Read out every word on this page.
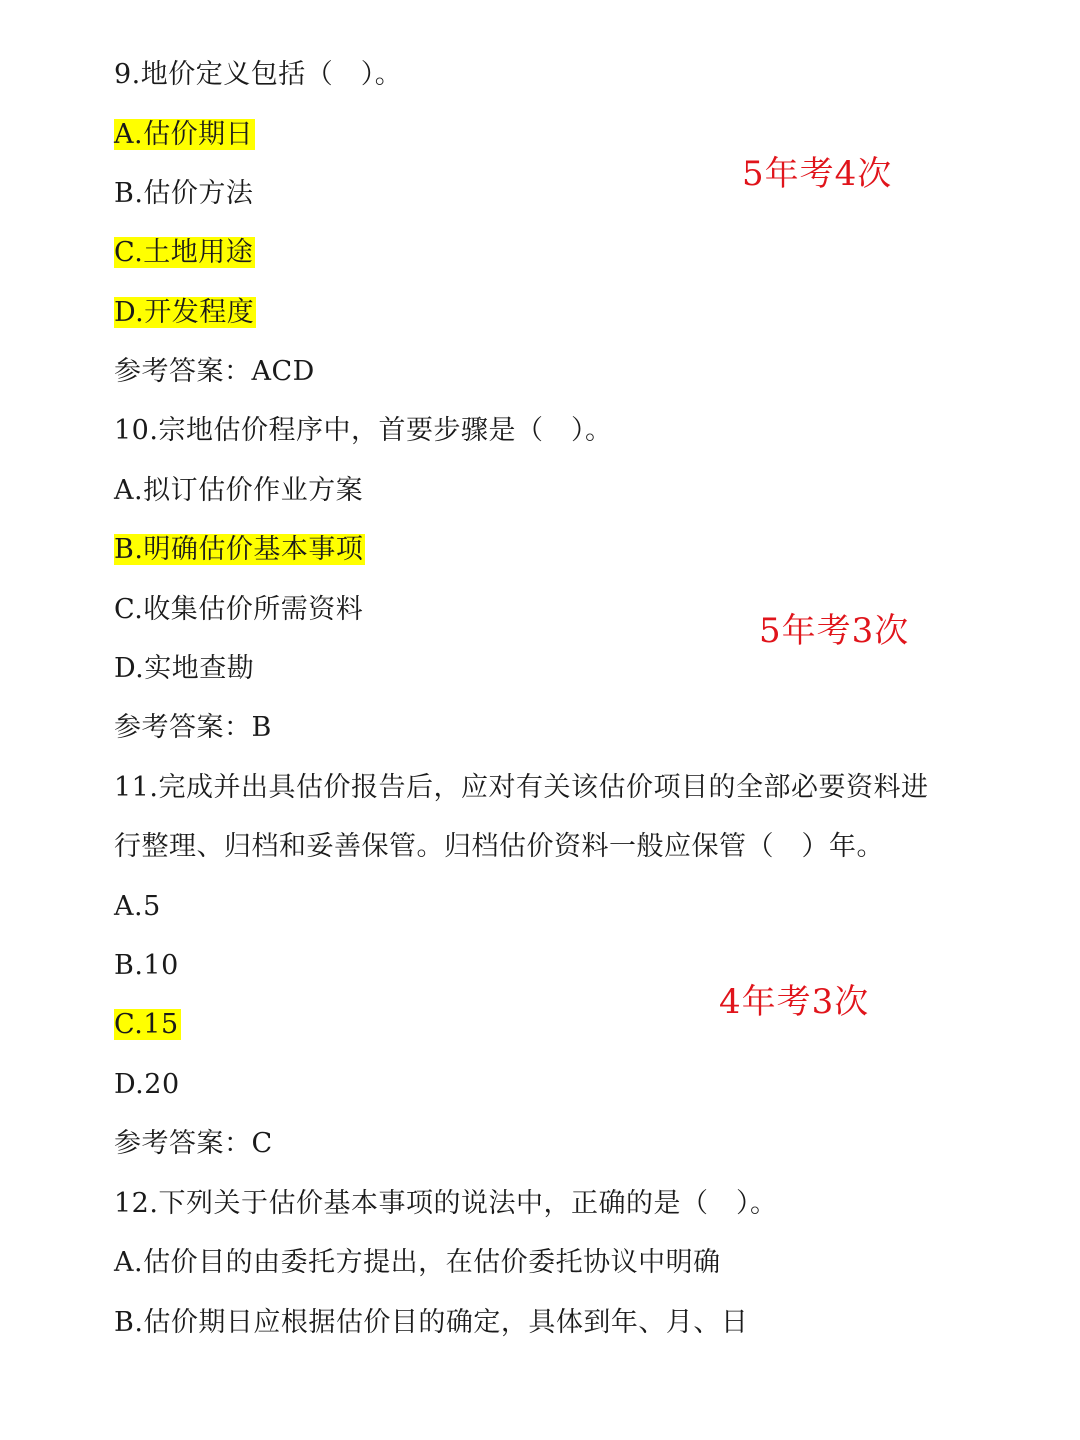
9.地价定义包括（　）。
A.估价期日
B.估价方法
C.土地用途
D.开发程度
参考答案：ACD
5年考4次
10.宗地估价程序中，首要步骤是（　）。
A.拟订估价作业方案
B.明确估价基本事项
C.收集估价所需资料
D.实地查勘
参考答案：B
5年考3次
11.完成并出具估价报告后，应对有关该估价项目的全部必要资料进
行整理、归档和妥善保管。归档估价资料一般应保管（　）年。
A.5
B.10
C.15
D.20
参考答案：C
4年考3次
12.下列关于估价基本事项的说法中，正确的是（　）。
A.估价目的由委托方提出，在估价委托协议中明确
B.估价期日应根据估价目的确定，具体到年、月、日
